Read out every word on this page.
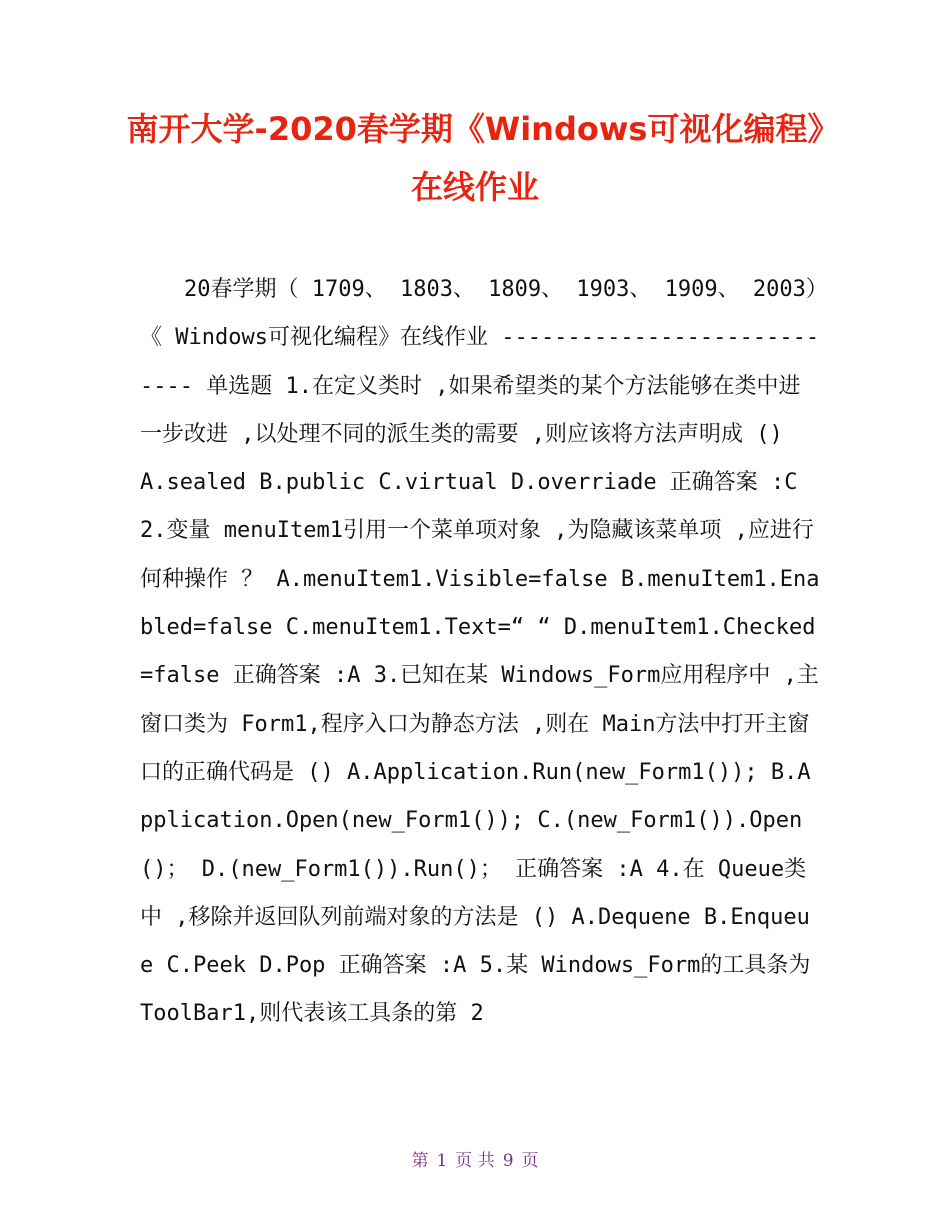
南开大学-2020春学期《Windows可视化编程》在线作业

20春学期（ 1709、 1803、 1809、 1903、 1909、 2003）《 Windows可视化编程》在线作业 ---------------------------- 单选题 1.在定义类时 ,如果希望类的某个方法能够在类中进一步改进 ,以处理不同的派生类的需要 ,则应该将方法声明成 () A.sealed B.public C.virtual D.overriade 正确答案 :C 2.变量 menuItem1引用一个菜单项对象 ,为隐藏该菜单项 ,应进行何种操作 ？ A.menuItem1.Visible=false B.menuItem1.Enabled=false C.menuItem1.Text=“ “ D.menuItem1.Checked=false 正确答案 :A 3.已知在某 Windows_Form应用程序中 ,主窗口类为 Form1,程序入口为静态方法 ,则在 Main方法中打开主窗口的正确代码是 () A.Application.Run(new_Form1()); B.Application.Open(new_Form1()); C.(new_Form1()).Open()； D.(new_Form1()).Run()； 正确答案 :A 4.在 Queue类中 ,移除并返回队列前端对象的方法是 () A.Dequene B.Enqueue C.Peek D.Pop 正确答案 :A 5.某 Windows_Form的工具条为 ToolBar1,则代表该工具条的第 2

第 1 页 共 9 页
